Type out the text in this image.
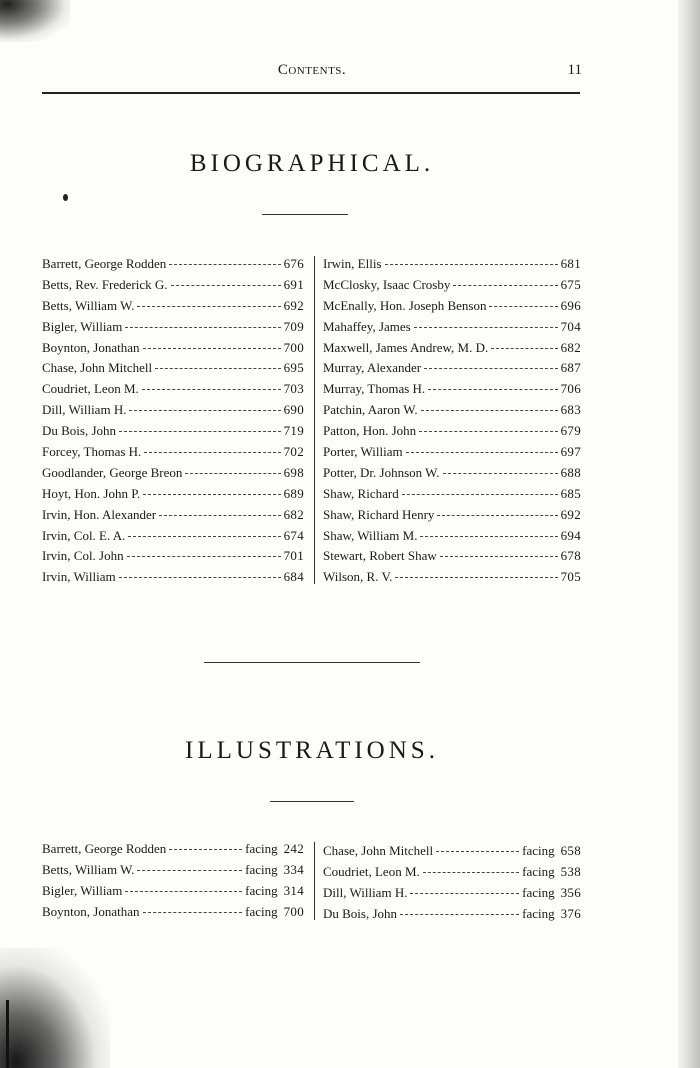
Contents.	11
BIOGRAPHICAL.
Barrett, George Rodden	676
Betts, Rev. Frederick G.	691
Betts, William W.	692
Bigler, William	709
Boynton, Jonathan	700
Chase, John Mitchell	695
Coudriet, Leon M.	703
Dill, William H.	690
Du Bois, John	719
Forcey, Thomas H.	702
Goodlander, George Breon	698
Hoyt, Hon. John P.	689
Irvin, Hon. Alexander	682
Irvin, Col. E. A.	674
Irvin, Col. John	701
Irvin, William	684
Irwin, Ellis	681
McClosky, Isaac Crosby	675
McEnally, Hon. Joseph Benson	696
Mahaffey, James	704
Maxwell, James Andrew, M. D.	682
Murray, Alexander	687
Murray, Thomas H.	706
Patchin, Aaron W.	683
Patton, Hon. John	679
Porter, William	697
Potter, Dr. Johnson W.	688
Shaw, Richard	685
Shaw, Richard Henry	692
Shaw, William M.	694
Stewart, Robert Shaw	678
Wilson, R. V.	705
ILLUSTRATIONS.
Barrett, George Rodden	facing 242
Betts, William W.	facing 334
Bigler, William	facing 314
Boynton, Jonathan	facing 700
Chase, John Mitchell	facing 658
Coudriet, Leon M.	facing 538
Dill, William H.	facing 356
Du Bois, John	facing 376
